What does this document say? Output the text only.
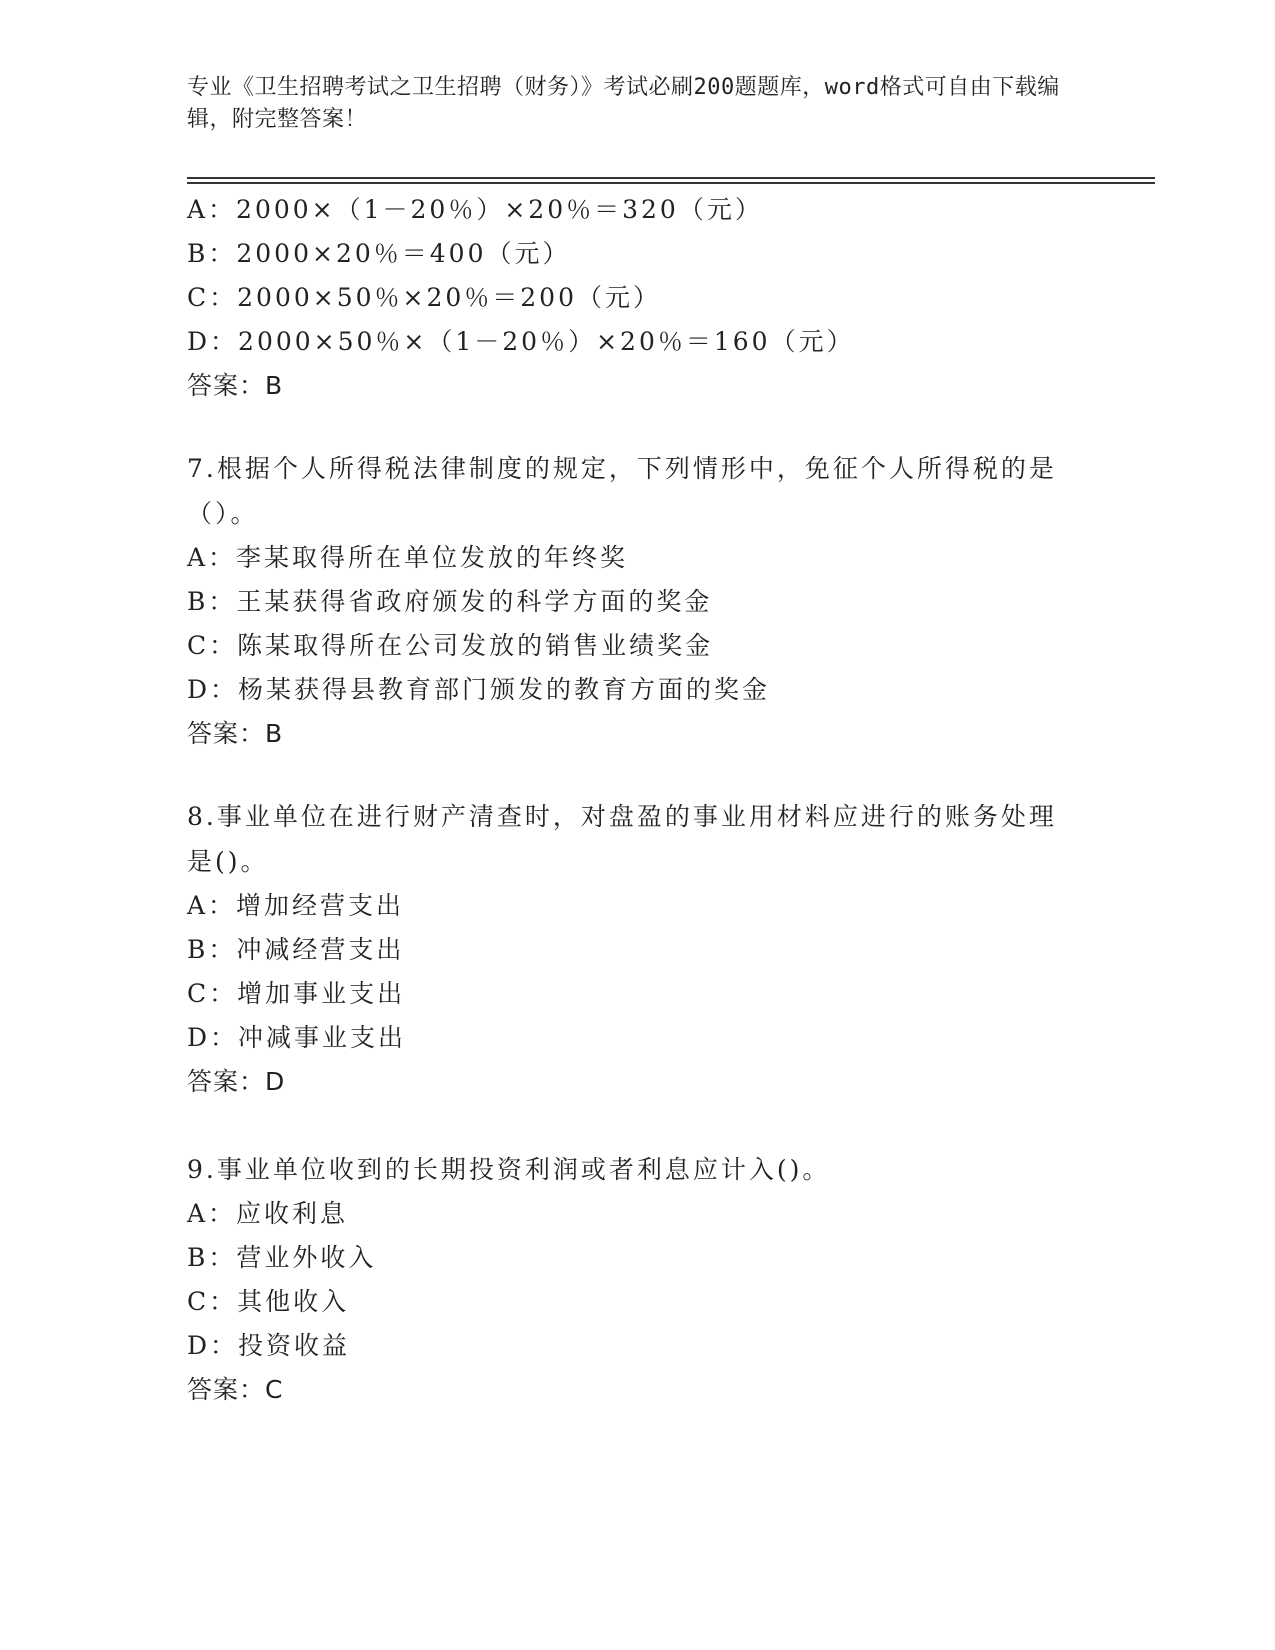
专业《卫生招聘考试之卫生招聘（财务）》考试必刷200题题库，word格式可自由下载编辑，附完整答案！
A：2000×（1－20％）×20％＝320（元）
B：2000×20％＝400（元）
C：2000×50％×20％＝200（元）
D：2000×50％×（1－20％）×20％＝160（元）
答案：B
7.根据个人所得税法律制度的规定，下列情形中，免征个人所得税的是（）。
A：李某取得所在单位发放的年终奖
B：王某获得省政府颁发的科学方面的奖金
C：陈某取得所在公司发放的销售业绩奖金
D：杨某获得县教育部门颁发的教育方面的奖金
答案：B
8.事业单位在进行财产清查时，对盘盈的事业用材料应进行的账务处理是()。
A：增加经营支出
B：冲减经营支出
C：增加事业支出
D：冲减事业支出
答案：D
9.事业单位收到的长期投资利润或者利息应计入()。
A：应收利息
B：营业外收入
C：其他收入
D：投资收益
答案：C
